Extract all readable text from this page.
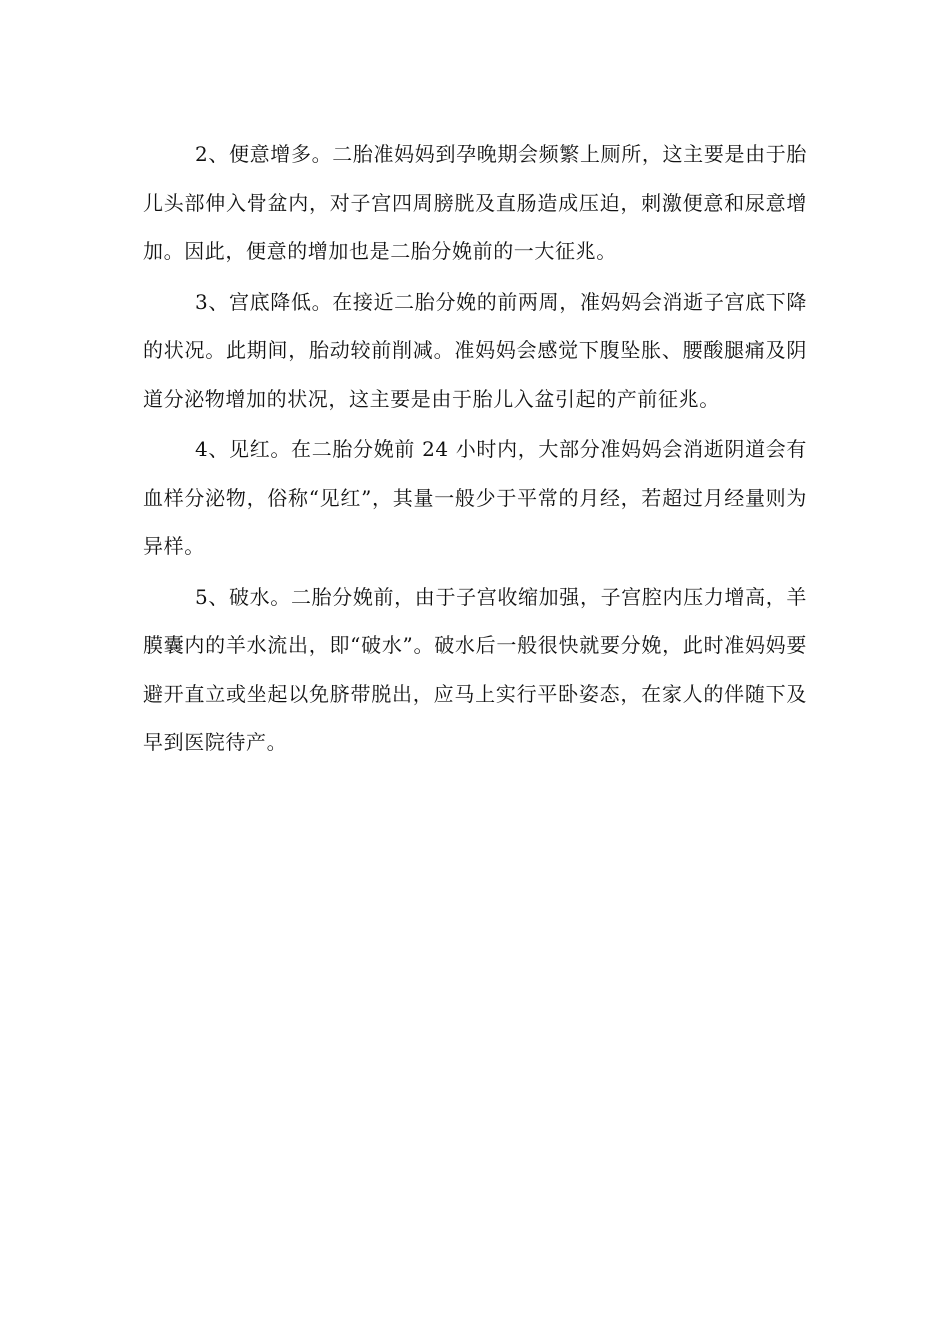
2、便意增多。二胎准妈妈到孕晚期会频繁上厕所，这主要是由于胎儿头部伸入骨盆内，对子宫四周膀胱及直肠造成压迫，刺激便意和尿意增加。因此，便意的增加也是二胎分娩前的一大征兆。

3、宫底降低。在接近二胎分娩的前两周，准妈妈会消逝子宫底下降的状况。此期间，胎动较前削减。准妈妈会感觉下腹坠胀、腰酸腿痛及阴道分泌物增加的状况，这主要是由于胎儿入盆引起的产前征兆。

4、见红。在二胎分娩前 24 小时内，大部分准妈妈会消逝阴道会有血样分泌物，俗称“见红”，其量一般少于平常的月经，若超过月经量则为异样。

5、破水。二胎分娩前，由于子宫收缩加强，子宫腔内压力增高，羊膜囊内的羊水流出，即“破水”。破水后一般很快就要分娩，此时准妈妈要避开直立或坐起以免脐带脱出，应马上实行平卧姿态，在家人的伴随下及早到医院待产。
